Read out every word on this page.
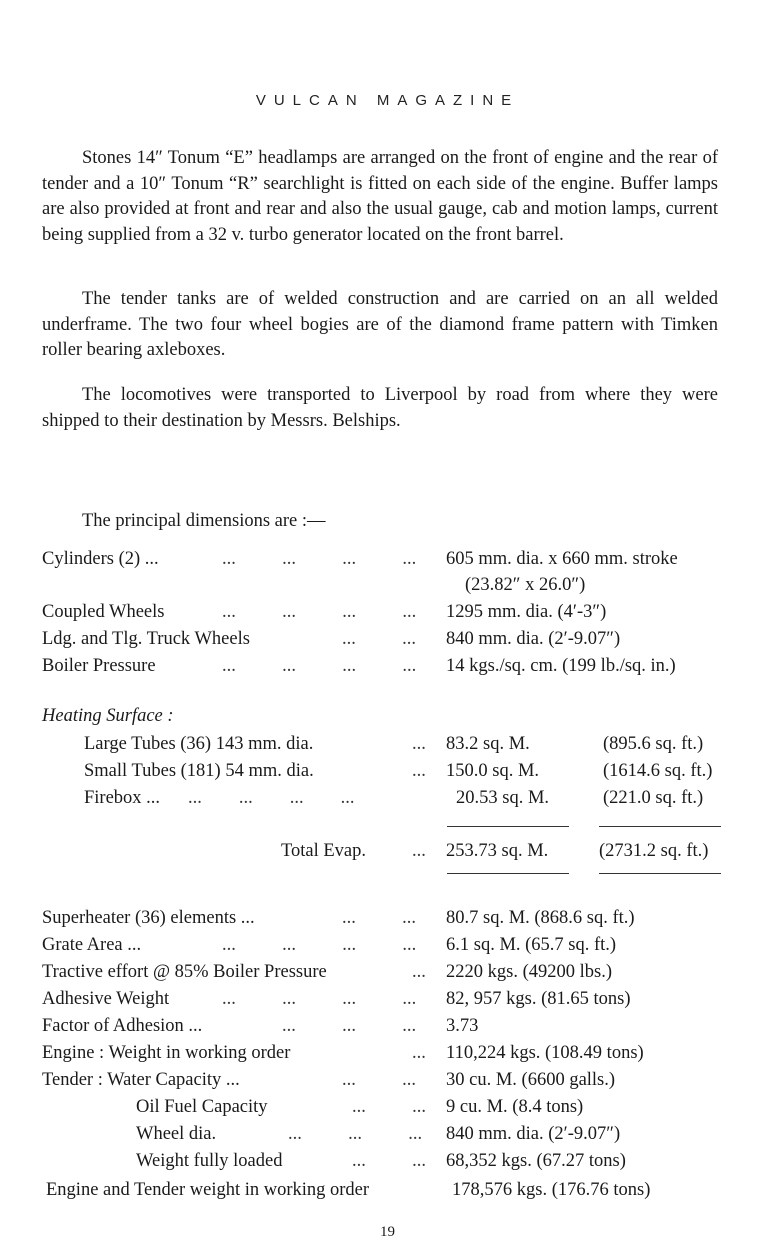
VULCAN MAGAZINE

Stones 14″ Tonum “E” headlamps are arranged on the front of engine and the rear of tender and a 10″ Tonum “R” searchlight is fitted on each side of the engine. Buffer lamps are also provided at front and rear and also the usual gauge, cab and motion lamps, current being supplied from a 32 v. turbo generator located on the front barrel.

The tender tanks are of welded construction and are carried on an all welded underframe. The two four wheel bogies are of the diamond frame pattern with Timken roller bearing axleboxes.

The locomotives were transported to Liverpool by road from where they were shipped to their destination by Messrs. Belships.

The principal dimensions are :—
Cylinders (2) ...	...          ...          ...          ... 605 mm. dia. x 660 mm. stroke
(23.82″ x 26.0″)
Coupled Wheels	...          ...          ...          ... 1295 mm. dia. (4′-3″)
Ldg. and Tlg. Truck Wheels	...          ... 840 mm. dia. (2′-9.07″)
Boiler Pressure	...          ...          ...          ... 14 kgs./sq. cm. (199 lb./sq. in.)
Heating Surface :
Large Tubes (36) 143 mm. dia.	... 83.2 sq. M.	(895.6 sq. ft.)
Small Tubes (181) 54 mm. dia.	... 150.0 sq. M.	(1614.6 sq. ft.)
Firebox ... ...        ...        ...        ...	20.53 sq. M.	(221.0 sq. ft.)
Total Evap. ... 253.73 sq. M.	(2731.2 sq. ft.)
Superheater (36) elements ...	...          ... 80.7 sq. M. (868.6 sq. ft.)
Grate Area ...	...          ...          ...          ... 6.1 sq. M. (65.7 sq. ft.)
Tractive effort @ 85% Boiler Pressure	... 2220 kgs. (49200 lbs.)
Adhesive Weight	...          ...          ...          ... 82, 957 kgs. (81.65 tons)
Factor of Adhesion ...	...          ...          ... 3.73
Engine : Weight in working order	... 110,224 kgs. (108.49 tons)
Tender : Water Capacity ...	...          ... 30 cu. M. (6600 galls.)
Oil Fuel Capacity	...          ... 9 cu. M. (8.4 tons)
Wheel dia.	...          ...          ... 840 mm. dia. (2′-9.07″)
Weight fully loaded	...          ... 68,352 kgs. (67.27 tons)
Engine and Tender weight in working order	178,576 kgs. (176.76 tons)
19
